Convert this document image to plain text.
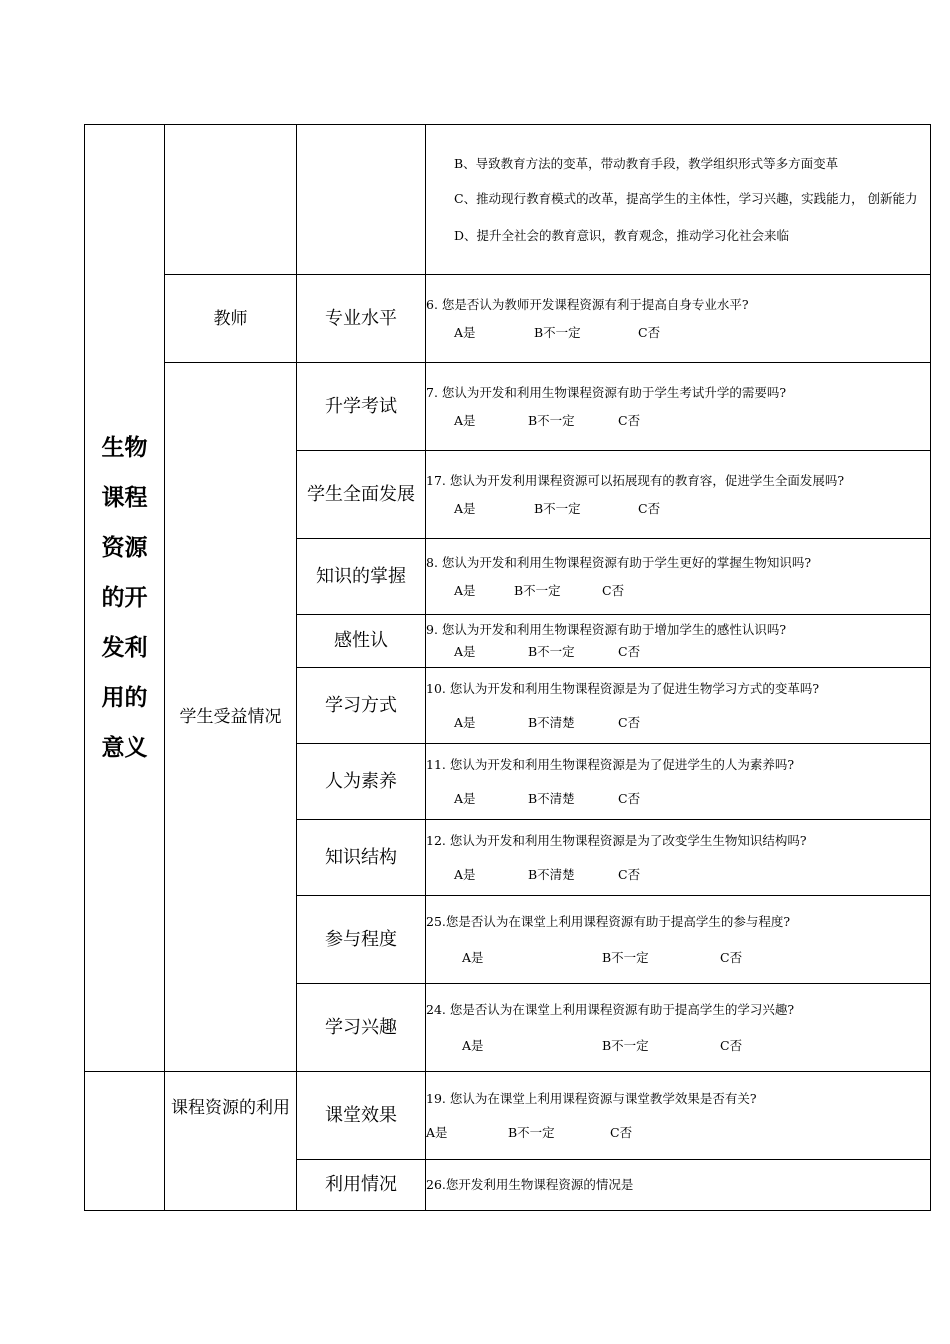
生物课程资源的开发利用的意义			B、导致教育方法的变革，带动教育手段，教学组织形式等多方面变革

C、推动现行教育模式的改革，提高学生的主体性，学习兴趣，实践能力， 创新能力

D、提升全社会的教育意识，教育观念，推动学习化社会来临

	教师	专业水平	6. 您是否认为教师开发课程资源有利于提高自身专业水平?

A是 B不一定 C否

	学生受益情况	升学考试	7. 您认为开发和利用生物课程资源有助于学生考试升学的需要吗?

A是 B不一定 C否

		学生全面发展	17. 您认为开发利用课程资源可以拓展现有的教育容，促进学生全面发展吗?

A是 B不一定 C否

		知识的掌握	8. 您认为开发和利用生物课程资源有助于学生更好的掌握生物知识吗?

A是 B不一定 C否

		感性认	9. 您认为开发和利用生物课程资源有助于增加学生的感性认识吗?

A是 B不一定 C否

		学习方式	10. 您认为开发和利用生物课程资源是为了促进生物学习方式的变革吗?

A是 B不清楚 C否

		人为素养	11. 您认为开发和利用生物课程资源是为了促进学生的人为素养吗?

A是 B不清楚 C否

		知识结构	12. 您认为开发和利用生物课程资源是为了改变学生生物知识结构吗?

A是 B不清楚 C否

		参与程度	25.您是否认为在课堂上利用课程资源有助于提高学生的参与程度?

A是 B不一定 C否

		学习兴趣	24. 您是否认为在课堂上利用课程资源有助于提高学生的学习兴趣?

A是 B不一定 C否

	课程资源的利用	课堂效果	19. 您认为在课堂上利用课程资源与课堂教学效果是否有关?

A是 B不一定 C否

		利用情况	26.您开发利用生物课程资源的情况是
